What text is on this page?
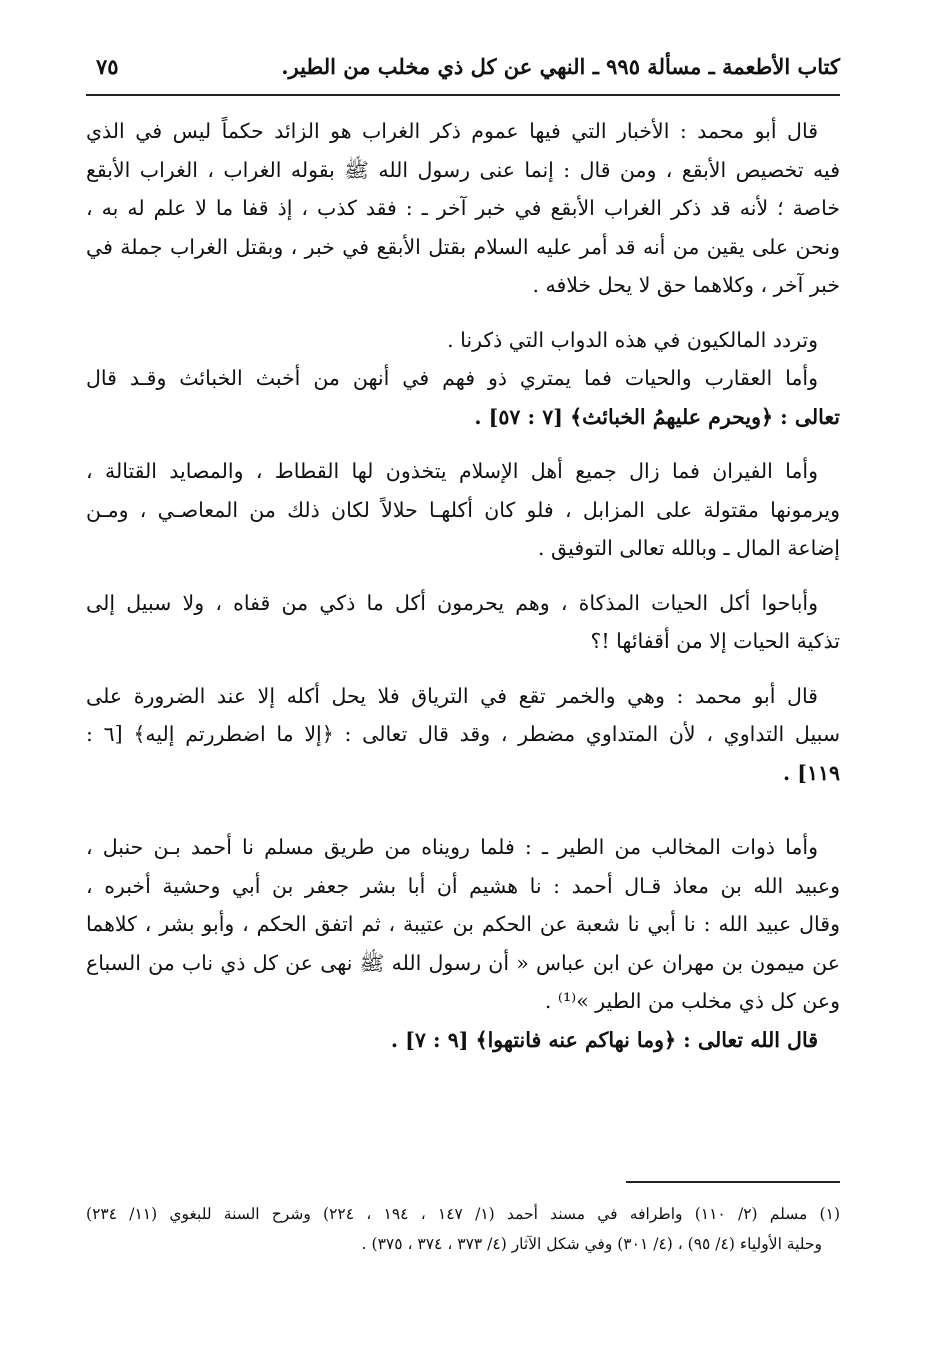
كتاب الأطعمة ـ مسألة ٩٩٥ ـ النهي عن كل ذي مخلب من الطير.
٧٥
قال أبو محمد : الأخبار التي فيها عموم ذكر الغراب هو الزائد حكماً ليس في الذي
فيه تخصيص الأبقع ، ومن قال : إنما عنى رسول الله ﷺ بقوله الغراب ، الغراب الأبقع
خاصة ؛ لأنه قد ذكر الغراب الأبقع في خبر آخر ـ : فقد كذب ، إذ قفا ما لا علم له به ،
ونحن على يقين من أنه قد أمر عليه السلام بقتل الأبقع في خبر ، وبقتل الغراب جملة في
خبر آخر ، وكلاهما حق لا يحل خلافه .
وتردد المالكيون في هذه الدواب التي ذكرنا .
وأما العقارب والحيات فما يمتري ذو فهم في أنهن من أخبث الخبائث وقـد قال
تعالى : ﴿ويحرم عليهمُ الخبائث﴾ [٧ : ٥٧] .
وأما الفيران فما زال جميع أهل الإسلام يتخذون لها القطاط ، والمصايد القتالة ،
ويرمونها مقتولة على المزابل ، فلو كان أكلهـا حلالاً لكان ذلك من المعاصـي ، ومـن
إضاعة المال ـ وبالله تعالى التوفيق .
وأباحوا أكل الحيات المذكاة ، وهم يحرمون أكل ما ذكي من قفاه ، ولا سبيل إلى
تذكية الحيات إلا من أقفائها !؟
قال أبو محمد : وهي والخمر تقع في الترياق فلا يحل أكله إلا عند الضرورة على
سبيل التداوي ، لأن المتداوي مضطر ، وقد قال تعالى : ﴿إلا ما اضطررتم إليه﴾ [٦ :
١١٩] .
وأما ذوات المخالب من الطير ـ : فلما رويناه من طريق مسلم نا أحمد بـن حنبل ،
وعبيد الله بن معاذ قـال أحمد : نا هشيم أن أبا بشر جعفر بن أبي وحشية أخبره ،
وقال عبيد الله : نا أبي نا شعبة عن الحكم بن عتيبة ، ثم اتفق الحكم ، وأبو بشر ، كلاهما
عن ميمون بن مهران عن ابن عباس « أن رسول الله ﷺ نهى عن كل ذي ناب من السباع
وعن كل ذي مخلب من الطير »⁽¹⁾ .
قال الله تعالى : ﴿وما نهاكم عنه فانتهوا﴾ [٩ : ٧] .
(١) مسلم (٢/ ١١٠) واطرافه في مسند أحمد (١/ ١٤٧ ، ١٩٤ ، ٢٢٤) وشرح السنة للبغوي (١١/ ٢٣٤)
وحلية الأولياء (٤/ ٩٥) ، (٤/ ٣٠١) وفي شكل الآثار (٤/ ٣٧٣ ، ٣٧٤ ، ٣٧٥) .
